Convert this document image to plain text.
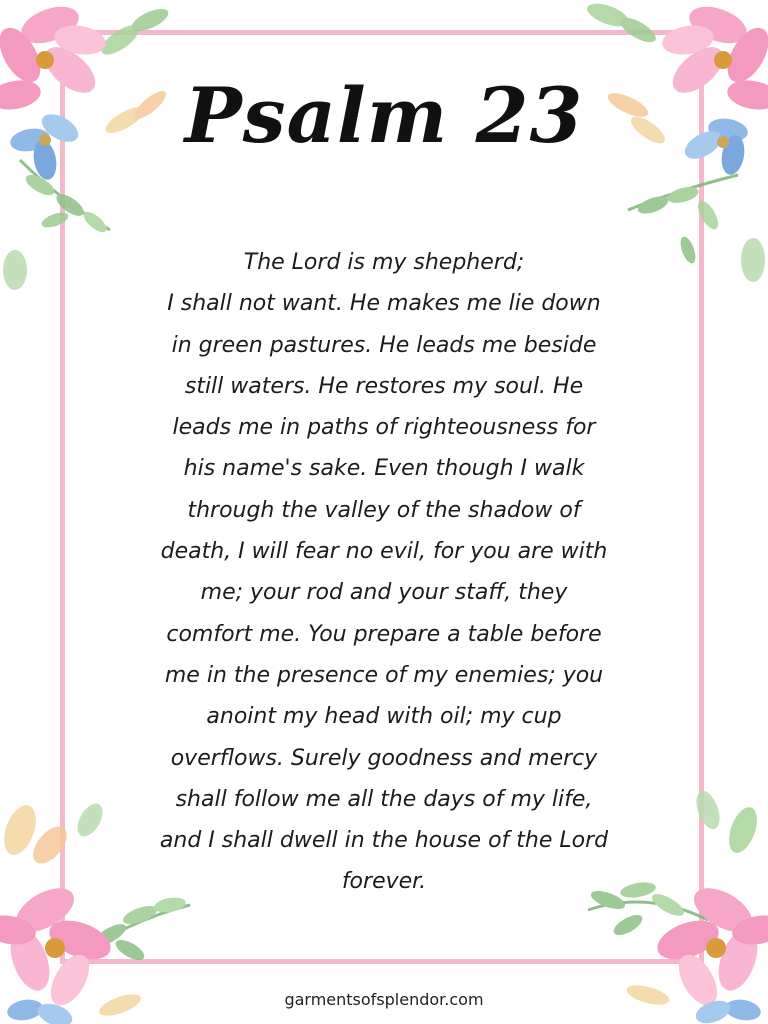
Psalm 23
The Lord is my shepherd;
I shall not want. He makes me lie down
in green pastures. He leads me beside
still waters. He restores my soul. He
leads me in paths of righteousness for
his name's sake. Even though I walk
through the valley of the shadow of
death, I will fear no evil, for you are with
me; your rod and your staff, they
comfort me. You prepare a table before
me in the presence of my enemies; you
anoint my head with oil; my cup
overflows. Surely goodness and mercy
shall follow me all the days of my life,
and I shall dwell in the house of the Lord
forever.
garmentsofsplendor.com
